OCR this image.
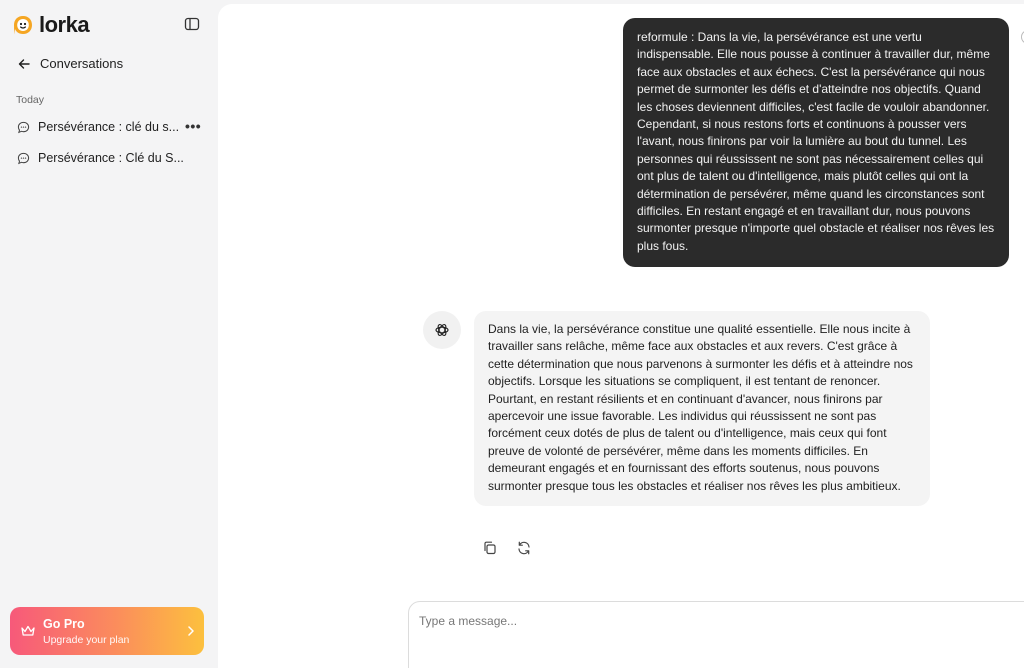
lorka
Conversations
Today
Persévérance : clé du s... •••
Persévérance : Clé du S...
Go Pro
Upgrade your plan
reformule : Dans la vie, la persévérance est une vertu indispensable. Elle nous pousse à continuer à travailler dur, même face aux obstacles et aux échecs. C'est la persévérance qui nous permet de surmonter les défis et d'atteindre nos objectifs. Quand les choses deviennent difficiles, c'est facile de vouloir abandonner. Cependant, si nous restons forts et continuons à pousser vers l'avant, nous finirons par voir la lumière au bout du tunnel. Les personnes qui réussissent ne sont pas nécessairement celles qui ont plus de talent ou d'intelligence, mais plutôt celles qui ont la détermination de persévérer, même quand les circonstances sont difficiles. En restant engagé et en travaillant dur, nous pouvons surmonter presque n'importe quel obstacle et réaliser nos rêves les plus fous.
Dans la vie, la persévérance constitue une qualité essentielle. Elle nous incite à travailler sans relâche, même face aux obstacles et aux revers. C'est grâce à cette détermination que nous parvenons à surmonter les défis et à atteindre nos objectifs. Lorsque les situations se compliquent, il est tentant de renoncer. Pourtant, en restant résilients et en continuant d'avancer, nous finirons par apercevoir une issue favorable. Les individus qui réussissent ne sont pas forcément ceux dotés de plus de talent ou d'intelligence, mais ceux qui font preuve de volonté de persévérer, même dans les moments difficiles. En demeurant engagés et en fournissant des efforts soutenus, nous pouvons surmonter presque tous les obstacles et réaliser nos rêves les plus ambitieux.
Type a message...
